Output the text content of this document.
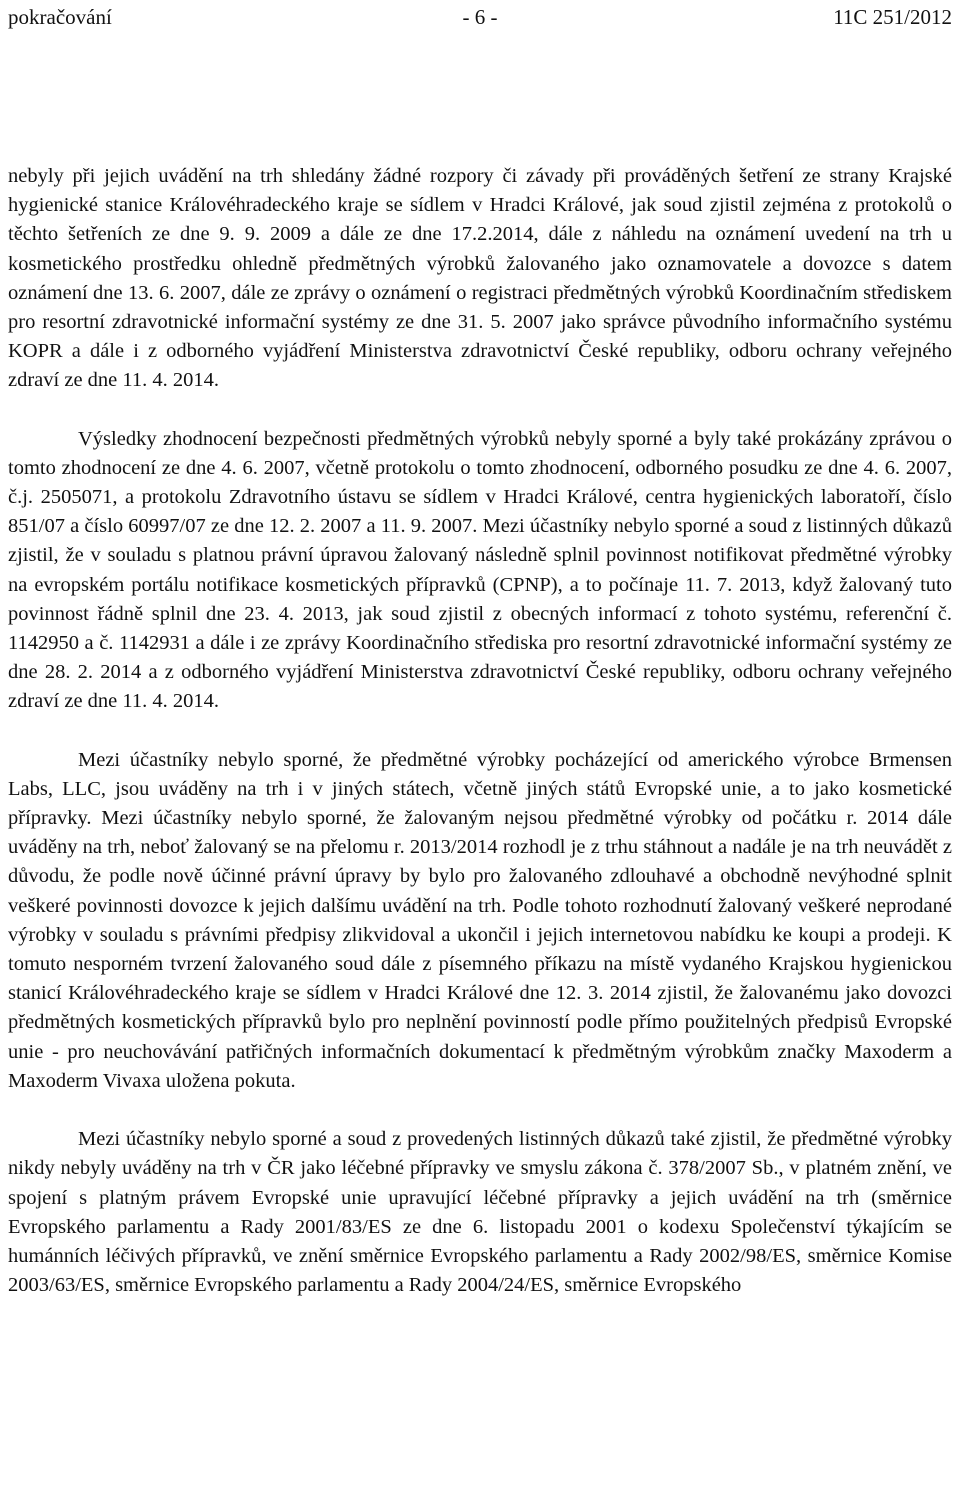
pokračování	- 6 -	11C 251/2012

nebyly při jejich uvádění na trh shledány žádné rozpory či závady při prováděných šetření ze strany Krajské hygienické stanice Královéhradeckého kraje se sídlem v Hradci Králové, jak soud zjistil zejména z protokolů o těchto šetřeních ze dne 9. 9. 2009 a dále ze dne 17.2.2014, dále z náhledu na oznámení uvedení na trh u kosmetického prostředku ohledně předmětných výrobků žalovaného jako oznamovatele a dovozce s datem oznámení dne 13. 6. 2007, dále ze zprávy o oznámení o registraci předmětných výrobků Koordinačním střediskem pro resortní zdravotnické informační systémy ze dne 31. 5. 2007 jako správce původního informačního systému KOPR a dále i z odborného vyjádření Ministerstva zdravotnictví České republiky, odboru ochrany veřejného zdraví ze dne 11. 4. 2014.

Výsledky zhodnocení bezpečnosti předmětných výrobků nebyly sporné a byly také prokázány zprávou o tomto zhodnocení ze dne 4. 6. 2007, včetně protokolu o tomto zhodnocení, odborného posudku ze dne 4. 6. 2007, č.j. 2505071, a protokolu Zdravotního ústavu se sídlem v Hradci Králové, centra hygienických laboratoří, číslo 851/07 a číslo 60997/07 ze dne 12. 2. 2007 a 11. 9. 2007. Mezi účastníky nebylo sporné a soud z listinných důkazů zjistil, že v souladu s platnou právní úpravou žalovaný následně splnil povinnost notifikovat předmětné výrobky na evropském portálu notifikace kosmetických přípravků (CPNP), a to počínaje 11. 7. 2013, když žalovaný tuto povinnost řádně splnil dne 23. 4. 2013, jak soud zjistil z obecných informací z tohoto systému, referenční č. 1142950 a č. 1142931 a dále i ze zprávy Koordinačního střediska pro resortní zdravotnické informační systémy ze dne 28. 2. 2014 a z odborného vyjádření Ministerstva zdravotnictví České republiky, odboru ochrany veřejného zdraví ze dne 11. 4. 2014.

Mezi účastníky nebylo sporné, že předmětné výrobky pocházející od amerického výrobce Brmensen Labs, LLC, jsou uváděny na trh i v jiných státech, včetně jiných států Evropské unie, a to jako kosmetické přípravky. Mezi účastníky nebylo sporné, že žalovaným nejsou předmětné výrobky od počátku r. 2014 dále uváděny na trh, neboť žalovaný se na přelomu r. 2013/2014 rozhodl je z trhu stáhnout a nadále je na trh neuvádět z důvodu, že podle nově účinné právní úpravy by bylo pro žalovaného zdlouhavé a obchodně nevýhodné splnit veškeré povinnosti dovozce k jejich dalšímu uvádění na trh. Podle tohoto rozhodnutí žalovaný veškeré neprodané výrobky v souladu s právními předpisy zlikvidoval a ukončil i jejich internetovou nabídku ke koupi a prodeji. K tomuto nesporném tvrzení žalovaného soud dále z písemného příkazu na místě vydaného Krajskou hygienickou stanicí Královéhradeckého kraje se sídlem v Hradci Králové dne 12. 3. 2014 zjistil, že žalovanému jako dovozci předmětných kosmetických přípravků bylo pro neplnění povinností podle přímo použitelných předpisů Evropské unie - pro neuchovávání patřičných informačních dokumentací k předmětným výrobkům značky Maxoderm a Maxoderm Vivaxa uložena pokuta.

Mezi účastníky nebylo sporné a soud z provedených listinných důkazů také zjistil, že předmětné výrobky nikdy nebyly uváděny na trh v ČR jako léčebné přípravky ve smyslu zákona č. 378/2007 Sb., v platném znění, ve spojení s platným právem Evropské unie upravující léčebné přípravky a jejich uvádění na trh (směrnice Evropského parlamentu a Rady 2001/83/ES ze dne 6. listopadu 2001 o kodexu Společenství týkajícím se humánních léčivých přípravků, ve znění směrnice Evropského parlamentu a Rady 2002/98/ES, směrnice Komise 2003/63/ES, směrnice Evropského parlamentu a Rady 2004/24/ES, směrnice Evropského
